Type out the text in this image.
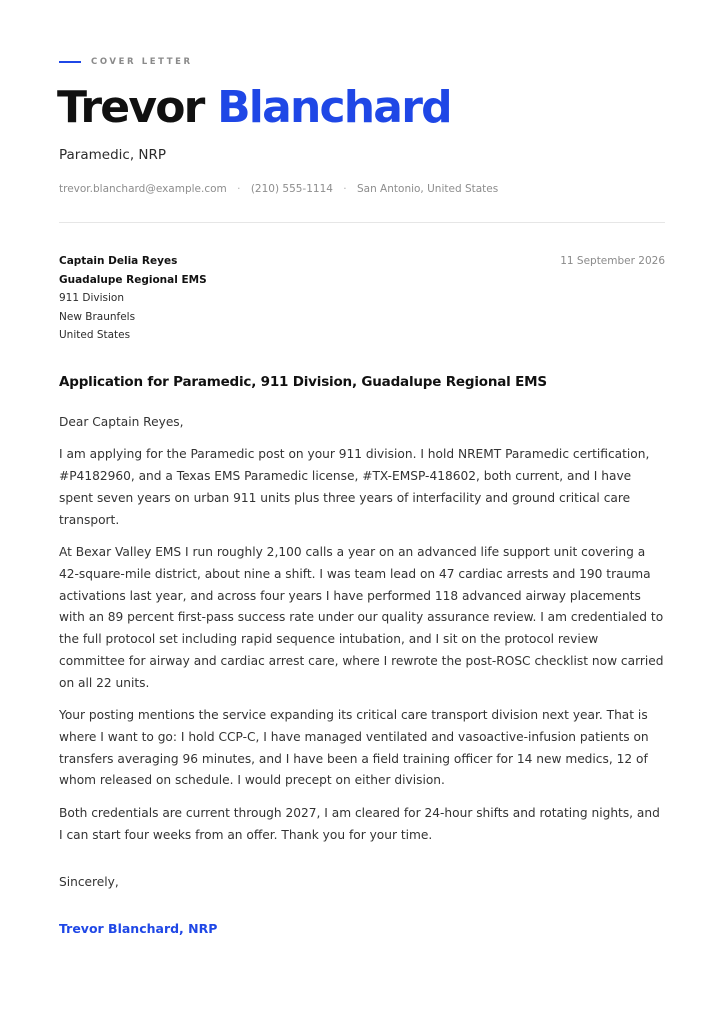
COVER LETTER
Trevor Blanchard
Paramedic, NRP
trevor.blanchard@example.com · (210) 555-1114 · San Antonio, United States
Captain Delia Reyes
Guadalupe Regional EMS
911 Division
New Braunfels
United States
11 September 2026
Application for Paramedic, 911 Division, Guadalupe Regional EMS

Dear Captain Reyes,

I am applying for the Paramedic post on your 911 division. I hold NREMT Paramedic certification, #P4182960, and a Texas EMS Paramedic license, #TX-EMSP-418602, both current, and I have spent seven years on urban 911 units plus three years of interfacility and ground critical care transport.

At Bexar Valley EMS I run roughly 2,100 calls a year on an advanced life support unit covering a 42-square-mile district, about nine a shift. I was team lead on 47 cardiac arrests and 190 trauma activations last year, and across four years I have performed 118 advanced airway placements with an 89 percent first-pass success rate under our quality assurance review. I am credentialed to the full protocol set including rapid sequence intubation, and I sit on the protocol review committee for airway and cardiac arrest care, where I rewrote the post-ROSC checklist now carried on all 22 units.

Your posting mentions the service expanding its critical care transport division next year. That is where I want to go: I hold CCP-C, I have managed ventilated and vasoactive-infusion patients on transfers averaging 96 minutes, and I have been a field training officer for 14 new medics, 12 of whom released on schedule. I would precept on either division.

Both credentials are current through 2027, I am cleared for 24-hour shifts and rotating nights, and I can start four weeks from an offer. Thank you for your time.

Sincerely,
Trevor Blanchard, NRP
